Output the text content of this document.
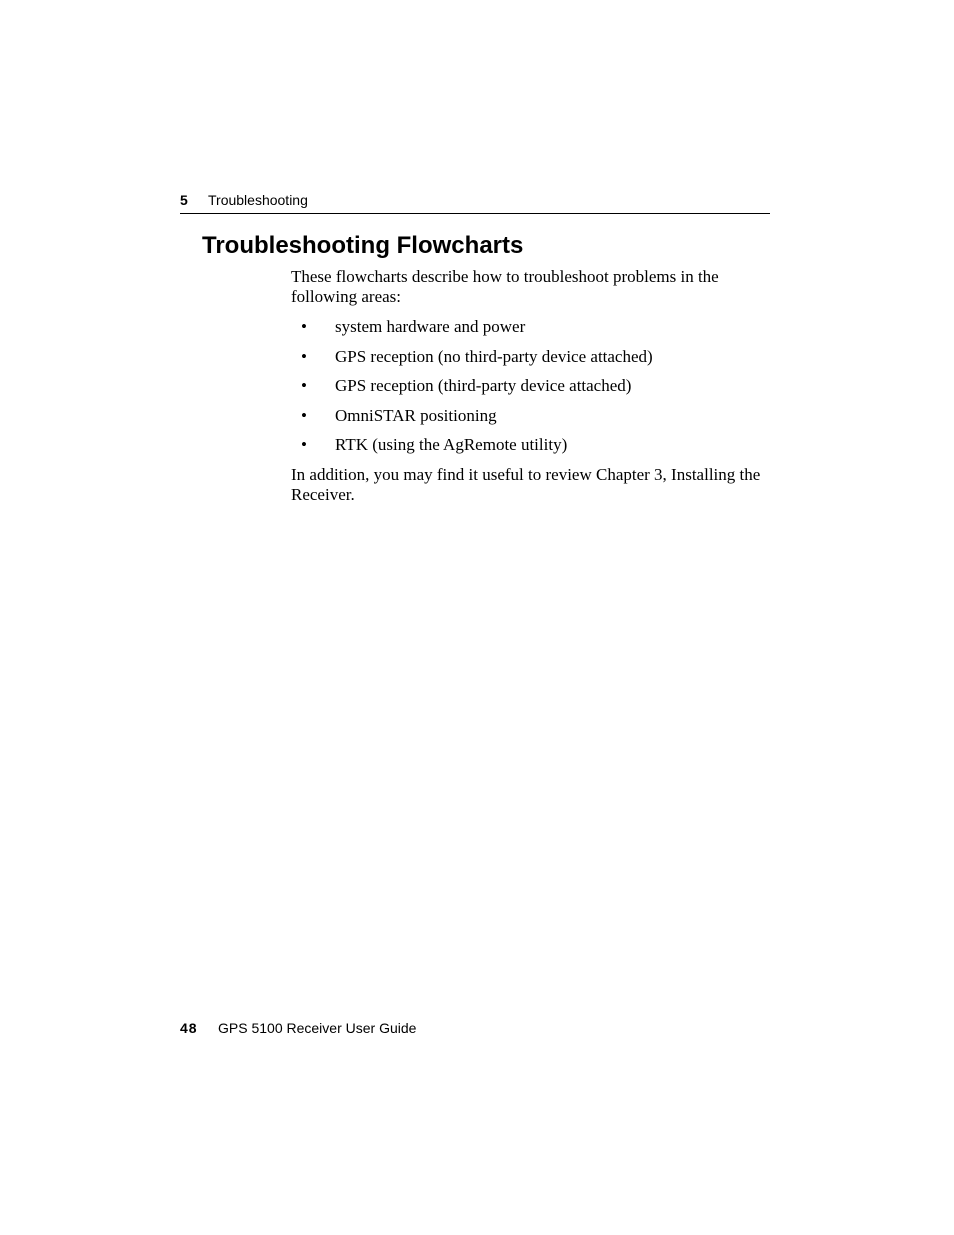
5 Troubleshooting
Troubleshooting Flowcharts

These flowcharts describe how to troubleshoot problems in the following areas:

• system hardware and power
• GPS reception (no third-party device attached)
• GPS reception (third-party device attached)
• OmniSTAR positioning
• RTK (using the AgRemote utility)

In addition, you may find it useful to review Chapter 3, Installing the Receiver.

48 GPS 5100 Receiver User Guide
